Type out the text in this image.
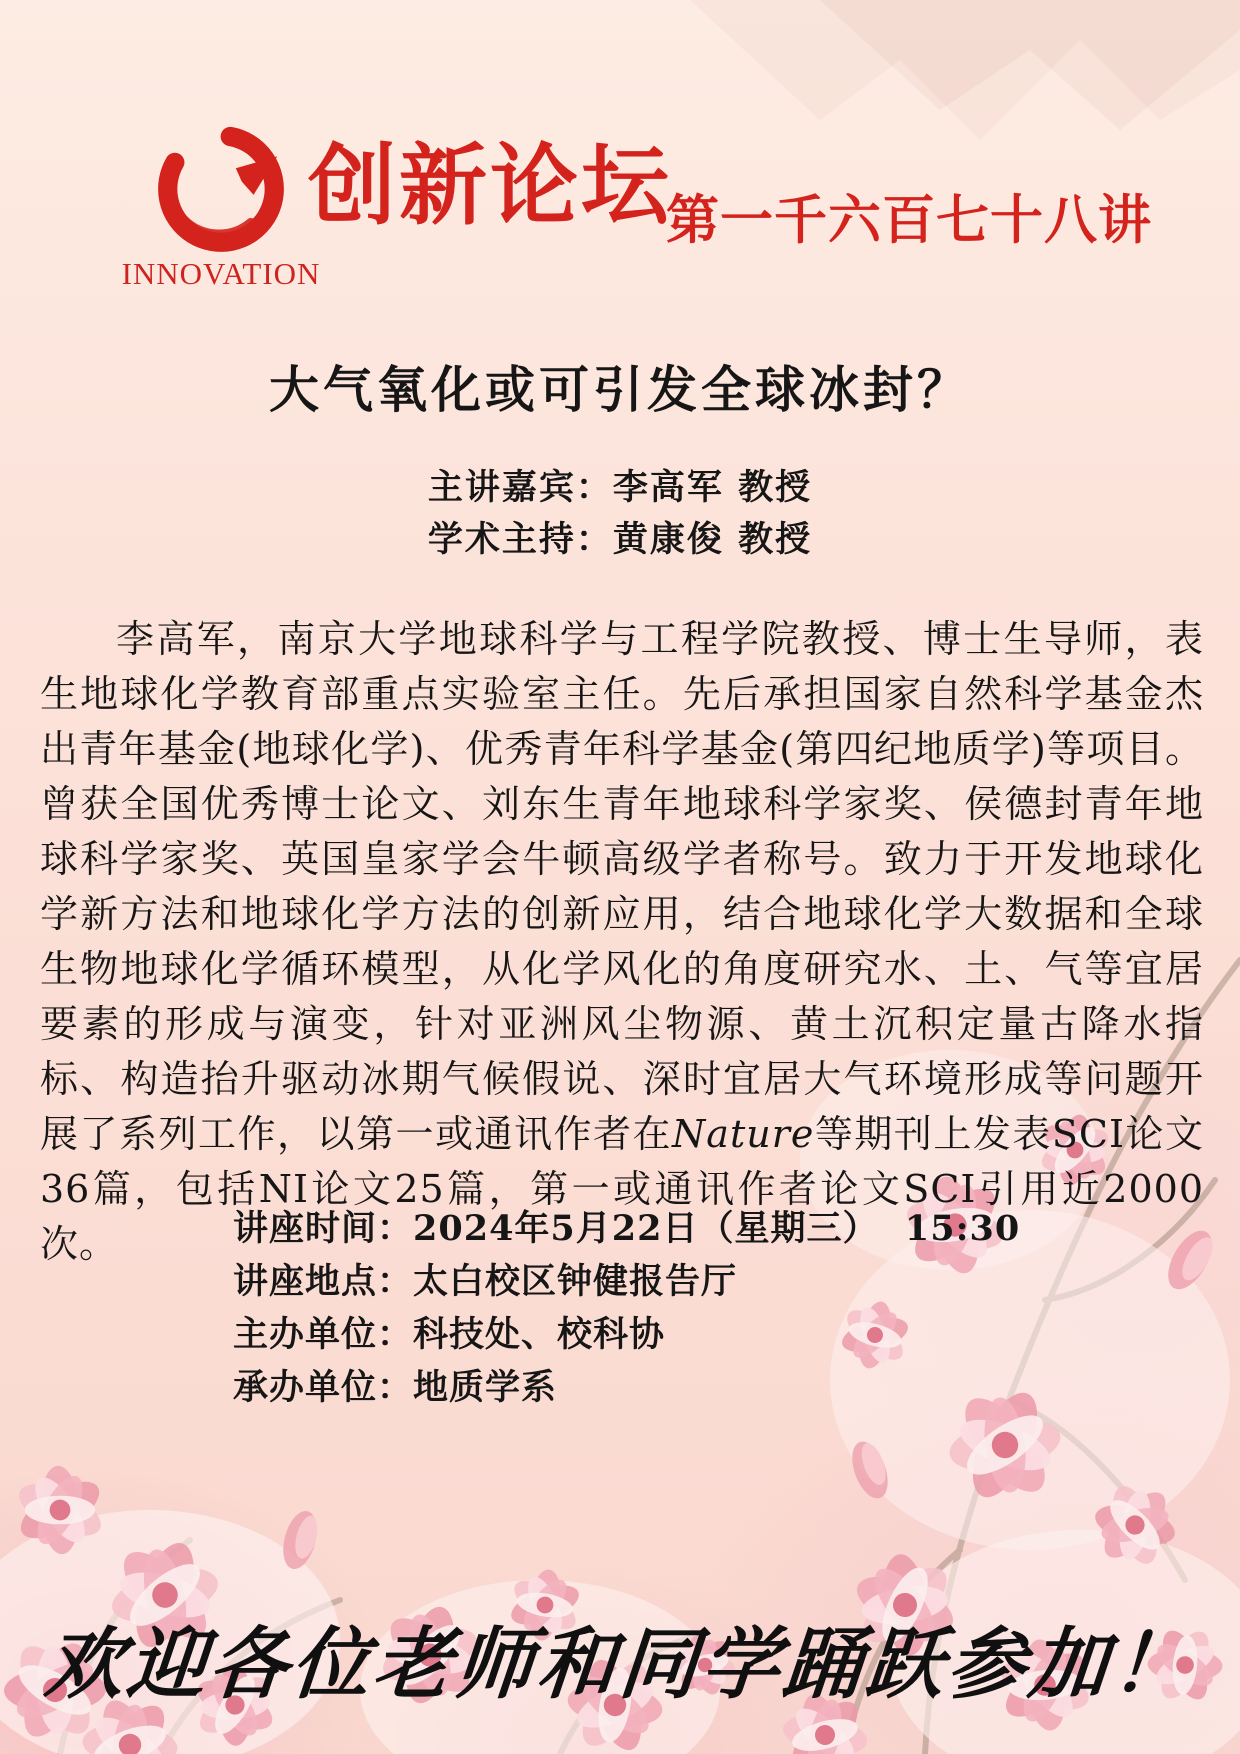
INNOVATION
创新论坛
第一千六百七十八讲
大气氧化或可引发全球冰封？
主讲嘉宾：李高军 教授
学术主持：黄康俊 教授
李高军，南京大学地球科学与工程学院教授、博士生导师，表生地球化学教育部重点实验室主任。先后承担国家自然科学基金杰出青年基金(地球化学)、优秀青年科学基金(第四纪地质学)等项目。曾获全国优秀博士论文、刘东生青年地球科学家奖、侯德封青年地球科学家奖、英国皇家学会牛顿高级学者称号。致力于开发地球化学新方法和地球化学方法的创新应用，结合地球化学大数据和全球生物地球化学循环模型，从化学风化的角度研究水、土、气等宜居要素的形成与演变，针对亚洲风尘物源、黄土沉积定量古降水指标、构造抬升驱动冰期气候假说、深时宜居大气环境形成等问题开展了系列工作，以第一或通讯作者在Nature等期刊上发表SCI论文36篇，包括NI论文25篇，第一或通讯作者论文SCI引用近2000次。	讲座时间： 2024年5月22日（星期三）  15:30
讲座地点： 太白校区钟健报告厅
主办单位： 科技处、校科协
承办单位： 地质学系
欢迎各位老师和同学踊跃参加！
